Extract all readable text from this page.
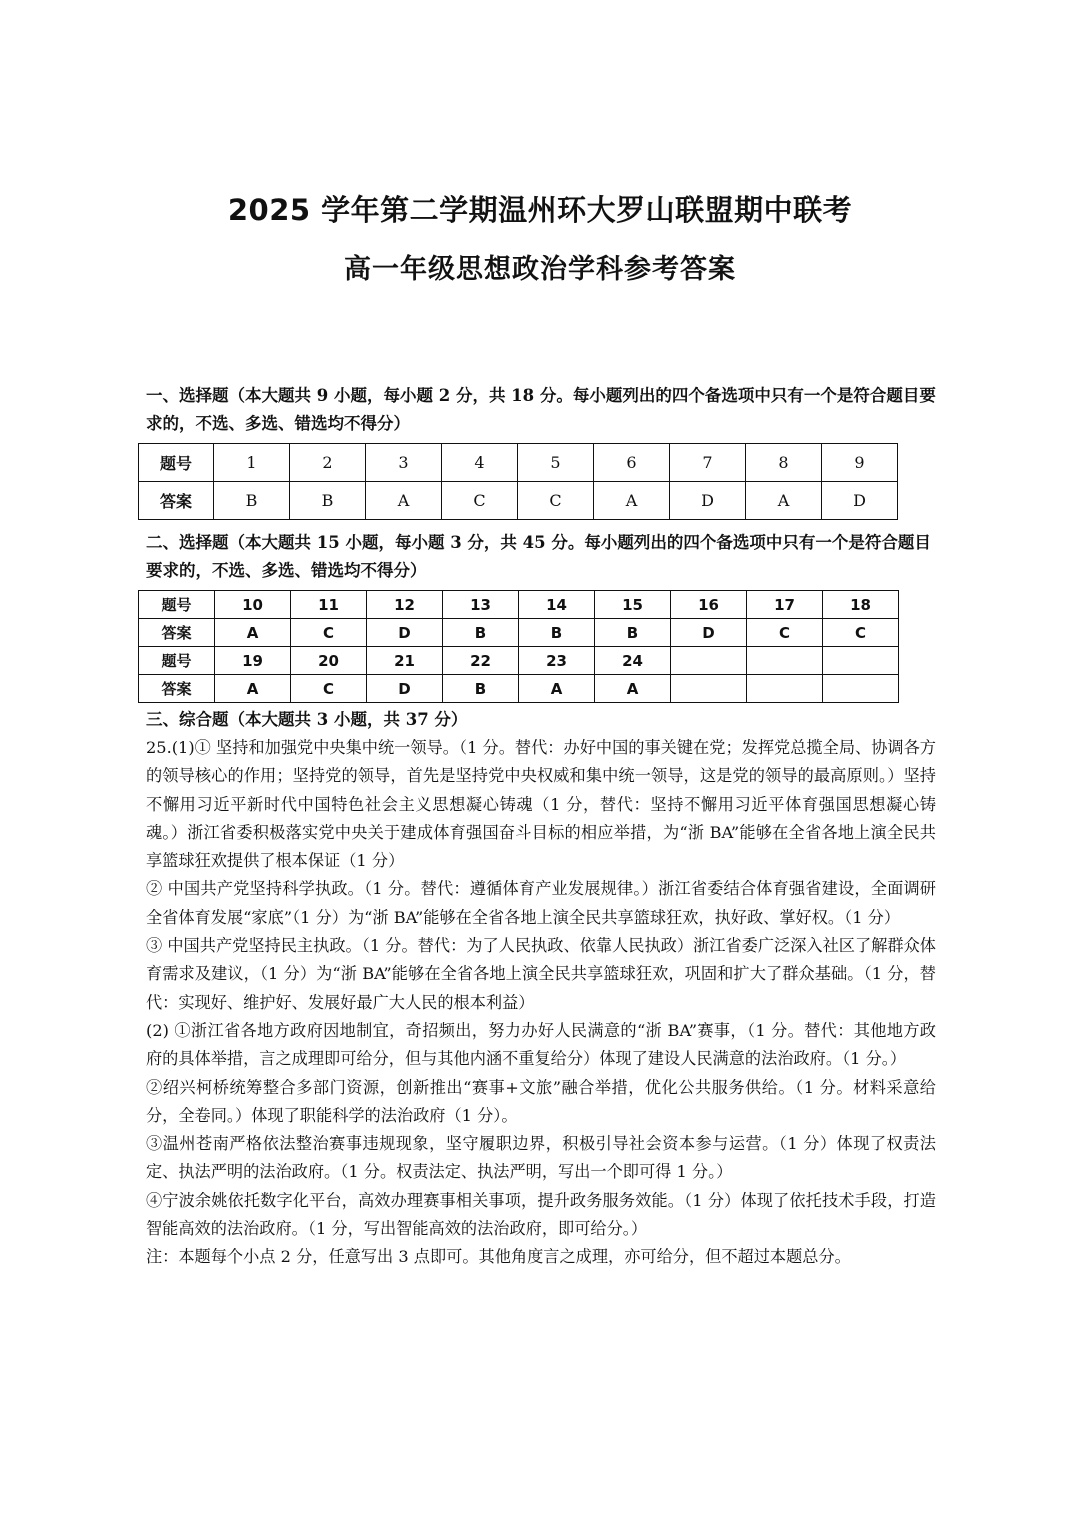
2025 学年第二学期温州环大罗山联盟期中联考
高一年级思想政治学科参考答案
一、选择题（本大题共 9 小题，每小题 2 分，共 18 分。每小题列出的四个备选项中只有一个是符合题目要求的，不选、多选、错选均不得分）
题号	1	2	3	4	5	6	7	8	9
答案	B	B	A	C	C	A	D	A	D
二、选择题（本大题共 15 小题，每小题 3 分，共 45 分。每小题列出的四个备选项中只有一个是符合题目要求的，不选、多选、错选均不得分）
题号	10	11	12	13	14	15	16	17	18
答案	A	C	D	B	B	B	D	C	C
题号	19	20	21	22	23	24			
答案	A	C	D	B	A	A			
三、综合题（本大题共 3 小题，共 37 分）

25.(1)① 坚持和加强党中央集中统一领导。（1 分。替代：办好中国的事关键在党；发挥党总揽全局、协调各方的领导核心的作用；坚持党的领导，首先是坚持党中央权威和集中统一领导，这是党的领导的最高原则。）坚持不懈用习近平新时代中国特色社会主义思想凝心铸魂（1 分，替代：坚持不懈用习近平体育强国思想凝心铸魂。）浙江省委积极落实党中央关于建成体育强国奋斗目标的相应举措，为“浙 BA”能够在全省各地上演全民共享篮球狂欢提供了根本保证（1 分）

② 中国共产党坚持科学执政。（1 分。替代：遵循体育产业发展规律。）浙江省委结合体育强省建设，全面调研全省体育发展“家底”（1 分）为“浙 BA”能够在全省各地上演全民共享篮球狂欢，执好政、掌好权。（1 分）

③ 中国共产党坚持民主执政。（1 分。替代：为了人民执政、依靠人民执政）浙江省委广泛深入社区了解群众体育需求及建议，（1 分）为“浙 BA”能够在全省各地上演全民共享篮球狂欢，巩固和扩大了群众基础。（1 分，替代：实现好、维护好、发展好最广大人民的根本利益）

(2) ①浙江省各地方政府因地制宜，奇招频出，努力办好人民满意的“浙 BA”赛事，（1 分。替代：其他地方政府的具体举措，言之成理即可给分，但与其他内涵不重复给分）体现了建设人民满意的法治政府。（1 分。）

②绍兴柯桥统筹整合多部门资源，创新推出“赛事+文旅”融合举措，优化公共服务供给。（1 分。材料采意给分，全卷同。）体现了职能科学的法治政府（1 分）。

③温州苍南严格依法整治赛事违规现象，坚守履职边界，积极引导社会资本参与运营。（1 分）体现了权责法定、执法严明的法治政府。（1 分。权责法定、执法严明，写出一个即可得 1 分。）

④宁波余姚依托数字化平台，高效办理赛事相关事项，提升政务服务效能。（1 分）体现了依托技术手段，打造智能高效的法治政府。（1 分，写出智能高效的法治政府，即可给分。）

注：本题每个小点 2 分，任意写出 3 点即可。其他角度言之成理，亦可给分，但不超过本题总分。
